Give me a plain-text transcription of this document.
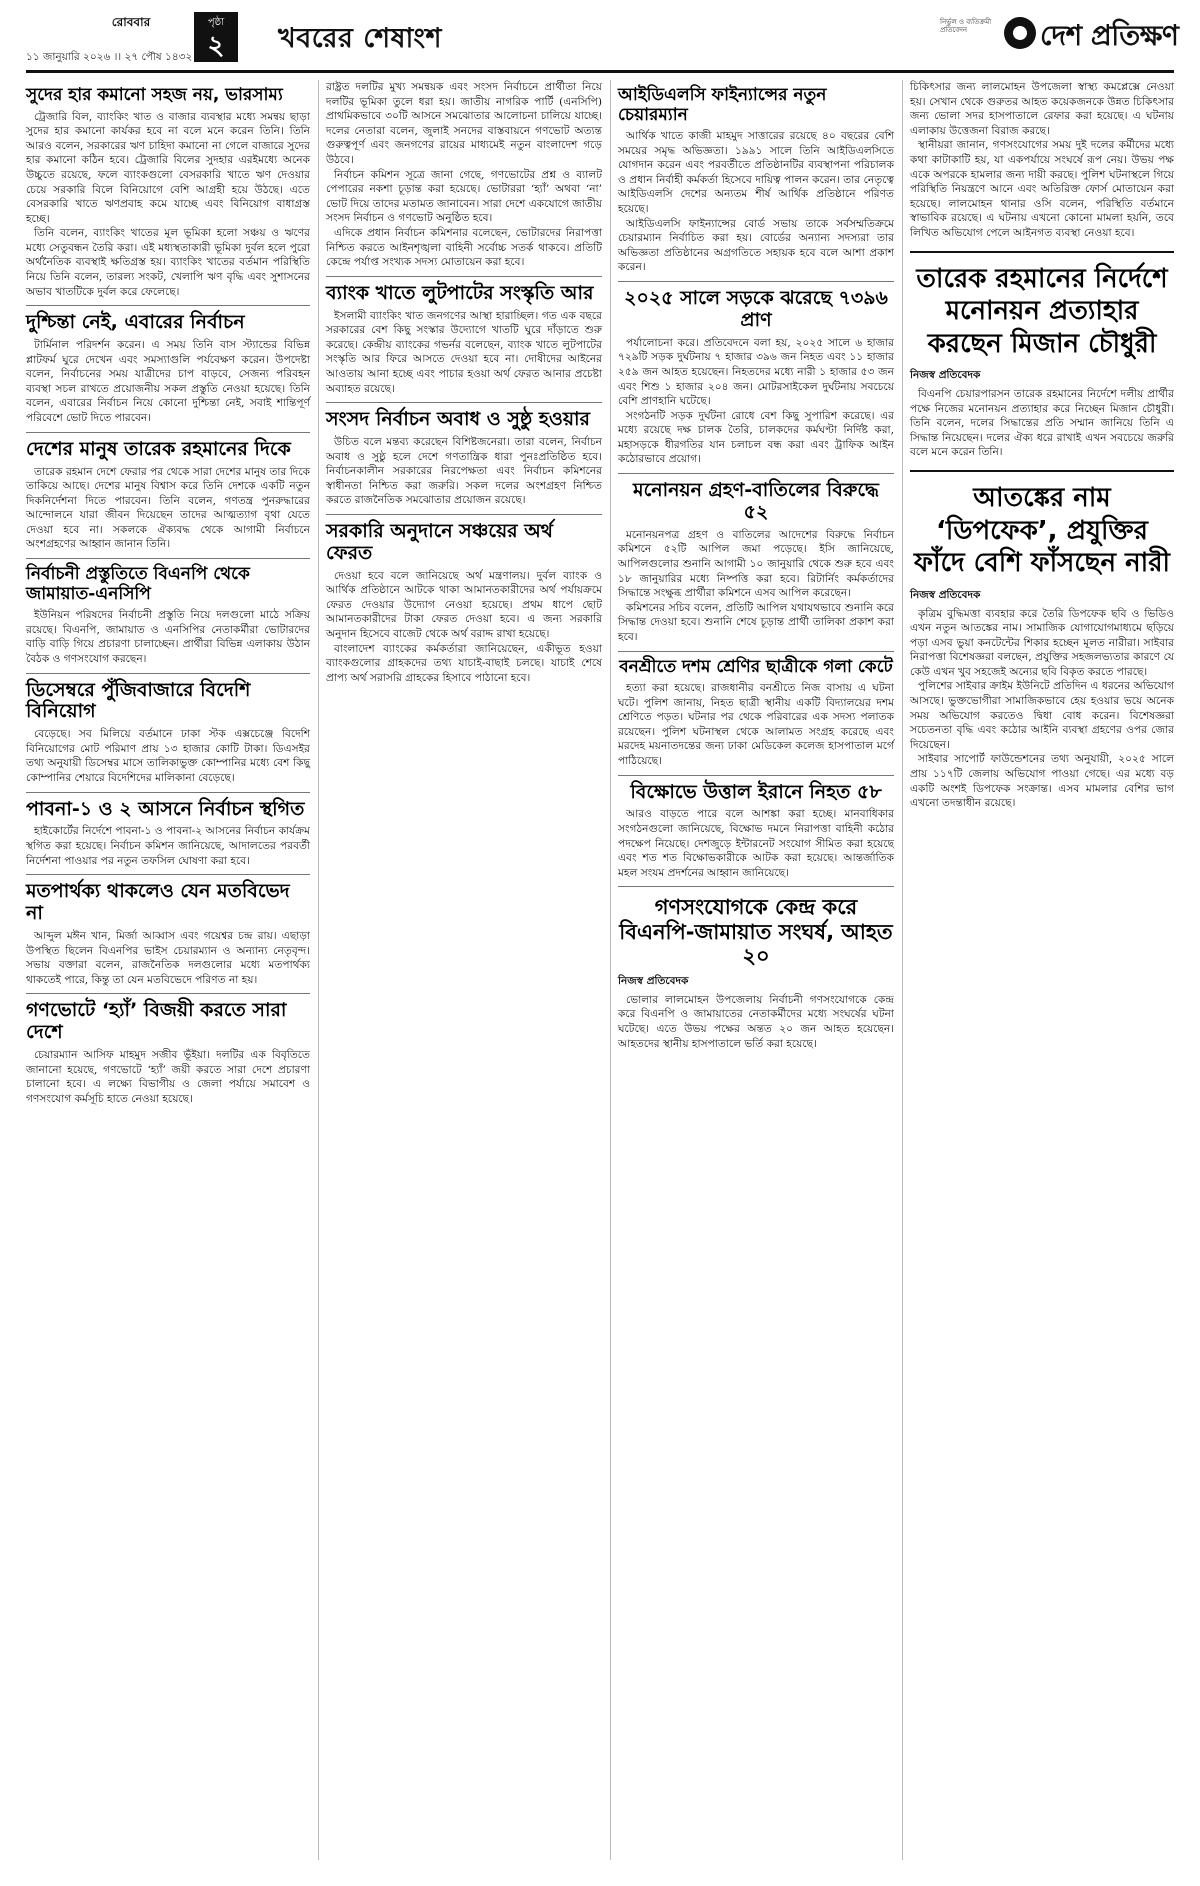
রোববার
১১ জানুয়ারি ২০২৬ ।। ২৭ পৌষ ১৪৩২
পৃষ্ঠা
২	খবরের শেষাংশ
নির্ভুল ও ব্যতিক্রমী প্রতিবেদন	দেশ প্রতিক্ষণ
সুদের হার কমানো সহজ নয়, ভারসাম্য

ট্রেজারি বিল, ব্যাংকিং খাত ও বাজার ব্যবস্থার মধ্যে সমন্বয় ছাড়া সুদের হার কমানো কার্যকর হবে না বলে মনে করেন তিনি। তিনি আরও বলেন, সরকারের ঋণ চাহিদা কমানো না গেলে বাজারে সুদের হার কমানো কঠিন হবে। ট্রেজারি বিলের সুদহার এরইমধ্যে অনেক উচ্চুতে রয়েছে, ফলে ব্যাংকগুলো বেসরকারি খাতে ঋণ দেওয়ার চেয়ে সরকারি বিলে বিনিয়োগে বেশি আগ্রহী হয়ে উঠছে। এতে বেসরকারি খাতে ঋণপ্রবাহ কমে যাচ্ছে এবং বিনিয়োগ বাধাগ্রস্ত হচ্ছে।

তিনি বলেন, ব্যাংকিং খাতের মূল ভূমিকা হলো সঞ্চয় ও ঋণের মধ্যে সেতুবন্ধন তৈরি করা। এই মধ্যস্থতাকারী ভূমিকা দুর্বল হলে পুরো অর্থনৈতিক ব্যবস্থাই ক্ষতিগ্রস্ত হয়। ব্যাংকিং খাতের বর্তমান পরিস্থিতি নিয়ে তিনি বলেন, তারল্য সংকট, খেলাপি ঋণ বৃদ্ধি এবং সুশাসনের অভাব খাতটিকে দুর্বল করে ফেলেছে।

দুশ্চিন্তা নেই, এবারের নির্বাচন

টার্মিনাল পরিদর্শন করেন। এ সময় তিনি বাস স্ট্যান্ডের বিভিন্ন প্লাটফর্ম ঘুরে দেখেন এবং সমস্যাগুলি পর্যবেক্ষণ করেন। উপদেষ্টা বলেন, নির্বাচনের সময় যাত্রীদের চাপ বাড়বে, সেজন্য পরিবহন ব্যবস্থা সচল রাখতে প্রয়োজনীয় সকল প্রস্তুতি নেওয়া হয়েছে। তিনি বলেন, এবারের নির্বাচন নিয়ে কোনো দুশ্চিন্তা নেই, সবাই শান্তিপূর্ণ পরিবেশে ভোট দিতে পারবেন।

দেশের মানুষ তারেক রহমানের দিকে

তারেক রহমান দেশে ফেরার পর থেকে সারা দেশের মানুষ তার দিকে তাকিয়ে আছে। দেশের মানুষ বিশ্বাস করে তিনি দেশকে একটি নতুন দিকনির্দেশনা দিতে পারবেন। তিনি বলেন, গণতন্ত্র পুনরুদ্ধারের আন্দোলনে যারা জীবন দিয়েছেন তাদের আত্মত্যাগ বৃথা যেতে দেওয়া হবে না। সকলকে ঐক্যবদ্ধ থেকে আগামী নির্বাচনে অংশগ্রহণের আহ্বান জানান তিনি।

নির্বাচনী প্রস্তুতিতে বিএনপি থেকে জামায়াত-এনসিপি

ইউনিয়ন পরিষদের নির্বাচনী প্রস্তুতি নিয়ে দলগুলো মাঠে সক্রিয় রয়েছে। বিএনপি, জামায়াত ও এনসিপির নেতাকর্মীরা ভোটারদের বাড়ি বাড়ি গিয়ে প্রচারণা চালাচ্ছেন। প্রার্থীরা বিভিন্ন এলাকায় উঠান বৈঠক ও গণসংযোগ করছেন।

ডিসেম্বরে পুঁজিবাজারে বিদেশি বিনিয়োগ

বেড়েছে। সব মিলিয়ে বর্তমানে ঢাকা স্টক এক্সচেঞ্জে বিদেশি বিনিয়োগের মোট পরিমাণ প্রায় ১৩ হাজার কোটি টাকা। ডিএসইর তথ্য অনুযায়ী ডিসেম্বর মাসে তালিকাভুক্ত কোম্পানির মধ্যে বেশ কিছু কোম্পানির শেয়ারে বিদেশিদের মালিকানা বেড়েছে।

পাবনা-১ ও ২ আসনে নির্বাচন স্থগিত

হাইকোর্টের নির্দেশে পাবনা-১ ও পাবনা-২ আসনের নির্বাচন কার্যক্রম স্থগিত করা হয়েছে। নির্বাচন কমিশন জানিয়েছে, আদালতের পরবর্তী নির্দেশনা পাওয়ার পর নতুন তফসিল ঘোষণা করা হবে।

মতপার্থক্য থাকলেও যেন মতবিভেদ না

আব্দুল মঈন খান, মির্জা আব্বাস এবং গয়েশ্বর চন্দ্র রায়। এছাড়া উপস্থিত ছিলেন বিএনপির ভাইস চেয়ারম্যান ও অন্যান্য নেতৃবৃন্দ। সভায় বক্তারা বলেন, রাজনৈতিক দলগুলোর মধ্যে মতপার্থক্য থাকতেই পারে, কিন্তু তা যেন মতবিভেদে পরিণত না হয়।

গণভোটে ‘হ্যাঁ’ বিজয়ী করতে সারা দেশে

চেয়ারম্যান আসিফ মাহমুদ সজীব ভূঁইয়া। দলটির এক বিবৃতিতে জানানো হয়েছে, গণভোটে ‘হ্যাঁ’ জয়ী করতে সারা দেশে প্রচারণা চালানো হবে। এ লক্ষ্যে বিভাগীয় ও জেলা পর্যায়ে সমাবেশ ও গণসংযোগ কর্মসূচি হাতে নেওয়া হয়েছে।

রাষ্ট্রত দলটির মুখ্য সমন্বয়ক এবং সংসদ নির্বাচনে প্রার্থীতা নিয়ে দলটির ভূমিকা তুলে ধরা হয়। জাতীয় নাগরিক পার্টি (এনসিপি) প্রাথমিকভাবে ৩০টি আসনে সমঝোতার আলোচনা চালিয়ে যাচ্ছে। দলের নেতারা বলেন, জুলাই সনদের বাস্তবায়নে গণভোট অত্যন্ত গুরুত্বপূর্ণ এবং জনগণের রায়ের মাধ্যমেই নতুন বাংলাদেশ গড়ে উঠবে।

নির্বাচন কমিশন সূত্রে জানা গেছে, গণভোটের প্রশ্ন ও ব্যালট পেপারের নকশা চূড়ান্ত করা হয়েছে। ভোটাররা ‘হ্যাঁ’ অথবা ‘না’ ভোট দিয়ে তাদের মতামত জানাবেন। সারা দেশে একযোগে জাতীয় সংসদ নির্বাচন ও গণভোট অনুষ্ঠিত হবে।

এদিকে প্রধান নির্বাচন কমিশনার বলেছেন, ভোটারদের নিরাপত্তা নিশ্চিত করতে আইনশৃঙ্খলা বাহিনী সর্বোচ্চ সতর্ক থাকবে। প্রতিটি কেন্দ্রে পর্যাপ্ত সংখ্যক সদস্য মোতায়েন করা হবে।

ব্যাংক খাতে লুটপাটের সংস্কৃতি আর

ইসলামী ব্যাংকিং খাত জনগণের আস্থা হারাচ্ছিল। গত এক বছরে সরকারের বেশ কিছু সংস্কার উদ্যোগে খাতটি ঘুরে দাঁড়াতে শুরু করেছে। কেন্দ্রীয় ব্যাংকের গভর্নর বলেছেন, ব্যাংক খাতে লুটপাটের সংস্কৃতি আর ফিরে আসতে দেওয়া হবে না। দোষীদের আইনের আওতায় আনা হচ্ছে এবং পাচার হওয়া অর্থ ফেরত আনার প্রচেষ্টা অব্যাহত রয়েছে।

সংসদ নির্বাচন অবাধ ও সুষ্ঠু হওয়ার

উচিত বলে মন্তব্য করেছেন বিশিষ্টজনেরা। তারা বলেন, নির্বাচন অবাধ ও সুষ্ঠু হলে দেশে গণতান্ত্রিক ধারা পুনঃপ্রতিষ্ঠিত হবে। নির্বাচনকালীন সরকারের নিরপেক্ষতা এবং নির্বাচন কমিশনের স্বাধীনতা নিশ্চিত করা জরুরি। সকল দলের অংশগ্রহণ নিশ্চিত করতে রাজনৈতিক সমঝোতার প্রয়োজন রয়েছে।

সরকারি অনুদানে সঞ্চয়ের অর্থ ফেরত

দেওয়া হবে বলে জানিয়েছে অর্থ মন্ত্রণালয়। দুর্বল ব্যাংক ও আর্থিক প্রতিষ্ঠানে আটকে থাকা আমানতকারীদের অর্থ পর্যায়ক্রমে ফেরত দেওয়ার উদ্যোগ নেওয়া হয়েছে। প্রথম ধাপে ছোট আমানতকারীদের টাকা ফেরত দেওয়া হবে। এ জন্য সরকারি অনুদান হিসেবে বাজেট থেকে অর্থ বরাদ্দ রাখা হয়েছে।

বাংলাদেশ ব্যাংকের কর্মকর্তারা জানিয়েছেন, একীভূত হওয়া ব্যাংকগুলোর গ্রাহকদের তথ্য যাচাই-বাছাই চলছে। যাচাই শেষে প্রাপ্য অর্থ সরাসরি গ্রাহকের হিসাবে পাঠানো হবে।

আইডিএলসি ফাইন্যান্সের নতুন চেয়ারম্যান

আর্থিক খাতে কাজী মাহমুদ সাত্তারের রয়েছে ৪০ বছরের বেশি সময়ের সমৃদ্ধ অভিজ্ঞতা। ১৯৯১ সালে তিনি আইডিএলসিতে যোগদান করেন এবং পরবর্তীতে প্রতিষ্ঠানটির ব্যবস্থাপনা পরিচালক ও প্রধান নির্বাহী কর্মকর্তা হিসেবে দায়িত্ব পালন করেন। তার নেতৃত্বে আইডিএলসি দেশের অন্যতম শীর্ষ আর্থিক প্রতিষ্ঠানে পরিণত হয়েছে।

আইডিএলসি ফাইন্যান্সের বোর্ড সভায় তাকে সর্বসম্মতিক্রমে চেয়ারম্যান নির্বাচিত করা হয়। বোর্ডের অন্যান্য সদস্যরা তার অভিজ্ঞতা প্রতিষ্ঠানের অগ্রগতিতে সহায়ক হবে বলে আশা প্রকাশ করেন।

২০২৫ সালে সড়কে ঝরেছে ৭৩৯৬ প্রাণ

পর্যালোচনা করে। প্রতিবেদনে বলা হয়, ২০২৫ সালে ৬ হাজার ৭২৯টি সড়ক দুর্ঘটনায় ৭ হাজার ৩৯৬ জন নিহত এবং ১১ হাজার ২৫৯ জন আহত হয়েছেন। নিহতদের মধ্যে নারী ১ হাজার ৫৩ জন এবং শিশু ১ হাজার ২০৪ জন। মোটরসাইকেল দুর্ঘটনায় সবচেয়ে বেশি প্রাণহানি ঘটেছে।

সংগঠনটি সড়ক দুর্ঘটনা রোধে বেশ কিছু সুপারিশ করেছে। এর মধ্যে রয়েছে দক্ষ চালক তৈরি, চালকদের কর্মঘণ্টা নির্দিষ্ট করা, মহাসড়কে ধীরগতির যান চলাচল বন্ধ করা এবং ট্রাফিক আইন কঠোরভাবে প্রয়োগ।

মনোনয়ন গ্রহণ-বাতিলের বিরুদ্ধে ৫২

মনোনয়নপত্র গ্রহণ ও বাতিলের আদেশের বিরুদ্ধে নির্বাচন কমিশনে ৫২টি আপিল জমা পড়েছে। ইসি জানিয়েছে, আপিলগুলোর শুনানি আগামী ১০ জানুয়ারি থেকে শুরু হবে এবং ১৮ জানুয়ারির মধ্যে নিষ্পত্তি করা হবে। রিটার্নিং কর্মকর্তাদের সিদ্ধান্তে সংক্ষুব্ধ প্রার্থীরা কমিশনে এসব আপিল করেছেন।

কমিশনের সচিব বলেন, প্রতিটি আপিল যথাযথভাবে শুনানি করে সিদ্ধান্ত দেওয়া হবে। শুনানি শেষে চূড়ান্ত প্রার্থী তালিকা প্রকাশ করা হবে।

বনশ্রীতে দশম শ্রেণির ছাত্রীকে গলা কেটে

হত্যা করা হয়েছে। রাজধানীর বনশ্রীতে নিজ বাসায় এ ঘটনা ঘটে। পুলিশ জানায়, নিহত ছাত্রী স্থানীয় একটি বিদ্যালয়ের দশম শ্রেণিতে পড়ত। ঘটনার পর থেকে পরিবারের এক সদস্য পলাতক রয়েছেন। পুলিশ ঘটনাস্থল থেকে আলামত সংগ্রহ করেছে এবং মরদেহ ময়নাতদন্তের জন্য ঢাকা মেডিকেল কলেজ হাসপাতাল মর্গে পাঠিয়েছে।

বিক্ষোভে উত্তাল ইরানে নিহত ৫৮

আরও বাড়তে পারে বলে আশঙ্কা করা হচ্ছে। মানবাধিকার সংগঠনগুলো জানিয়েছে, বিক্ষোভ দমনে নিরাপত্তা বাহিনী কঠোর পদক্ষেপ নিয়েছে। দেশজুড়ে ইন্টারনেট সংযোগ সীমিত করা হয়েছে এবং শত শত বিক্ষোভকারীকে আটক করা হয়েছে। আন্তর্জাতিক মহল সংযম প্রদর্শনের আহ্বান জানিয়েছে।

গণসংযোগকে কেন্দ্র করে বিএনপি-জামায়াত সংঘর্ষ, আহত ২০
নিজস্ব প্রতিবেদক

ভোলার লালমোহন উপজেলায় নির্বাচনী গণসংযোগকে কেন্দ্র করে বিএনপি ও জামায়াতের নেতাকর্মীদের মধ্যে সংঘর্ষের ঘটনা ঘটেছে। এতে উভয় পক্ষের অন্তত ২০ জন আহত হয়েছেন। আহতদের স্থানীয় হাসপাতালে ভর্তি করা হয়েছে।

চিকিৎসার জন্য লালমোহন উপজেলা স্বাস্থ্য কমপ্লেক্সে নেওয়া হয়। সেখান থেকে গুরুতর আহত কয়েকজনকে উন্নত চিকিৎসার জন্য ভোলা সদর হাসপাতালে রেফার করা হয়েছে। এ ঘটনায় এলাকায় উত্তেজনা বিরাজ করছে।

স্থানীয়রা জানান, গণসংযোগের সময় দুই দলের কর্মীদের মধ্যে কথা কাটাকাটি হয়, যা একপর্যায়ে সংঘর্ষে রূপ নেয়। উভয় পক্ষ একে অপরকে হামলার জন্য দায়ী করছে। পুলিশ ঘটনাস্থলে গিয়ে পরিস্থিতি নিয়ন্ত্রণে আনে এবং অতিরিক্ত ফোর্স মোতায়েন করা হয়েছে। লালমোহন থানার ওসি বলেন, পরিস্থিতি বর্তমানে স্বাভাবিক রয়েছে। এ ঘটনায় এখনো কোনো মামলা হয়নি, তবে লিখিত অভিযোগ পেলে আইনগত ব্যবস্থা নেওয়া হবে।

তারেক রহমানের নির্দেশে মনোনয়ন প্রত্যাহার করছেন মিজান চৌধুরী
নিজস্ব প্রতিবেদক

বিএনপি চেয়ারপারসন তারেক রহমানের নির্দেশে দলীয় প্রার্থীর পক্ষে নিজের মনোনয়ন প্রত্যাহার করে নিচ্ছেন মিজান চৌধুরী। তিনি বলেন, দলের সিদ্ধান্তের প্রতি সম্মান জানিয়ে তিনি এ সিদ্ধান্ত নিয়েছেন। দলের ঐক্য ধরে রাখাই এখন সবচেয়ে জরুরি বলে মনে করেন তিনি।

আতঙ্কের নাম ‘ডিপফেক’, প্রযুক্তির ফাঁদে বেশি ফাঁসছেন নারী
নিজস্ব প্রতিবেদক

কৃত্রিম বুদ্ধিমত্তা ব্যবহার করে তৈরি ডিপফেক ছবি ও ভিডিও এখন নতুন আতঙ্কের নাম। সামাজিক যোগাযোগমাধ্যমে ছড়িয়ে পড়া এসব ভুয়া কনটেন্টের শিকার হচ্ছেন মূলত নারীরা। সাইবার নিরাপত্তা বিশেষজ্ঞরা বলছেন, প্রযুক্তির সহজলভ্যতার কারণে যে কেউ এখন খুব সহজেই অন্যের ছবি বিকৃত করতে পারছে।

পুলিশের সাইবার ক্রাইম ইউনিটে প্রতিদিন এ ধরনের অভিযোগ আসছে। ভুক্তভোগীরা সামাজিকভাবে হেয় হওয়ার ভয়ে অনেক সময় অভিযোগ করতেও দ্বিধা বোধ করেন। বিশেষজ্ঞরা সচেতনতা বৃদ্ধি এবং কঠোর আইনি ব্যবস্থা গ্রহণের ওপর জোর দিয়েছেন।

সাইবার সাপোর্ট ফাউন্ডেশনের তথ্য অনুযায়ী, ২০২৫ সালে প্রায় ১১৭টি জেলায় অভিযোগ পাওয়া গেছে। এর মধ্যে বড় একটি অংশই ডিপফেক সংক্রান্ত। এসব মামলার বেশির ভাগ এখনো তদন্তাধীন রয়েছে।
